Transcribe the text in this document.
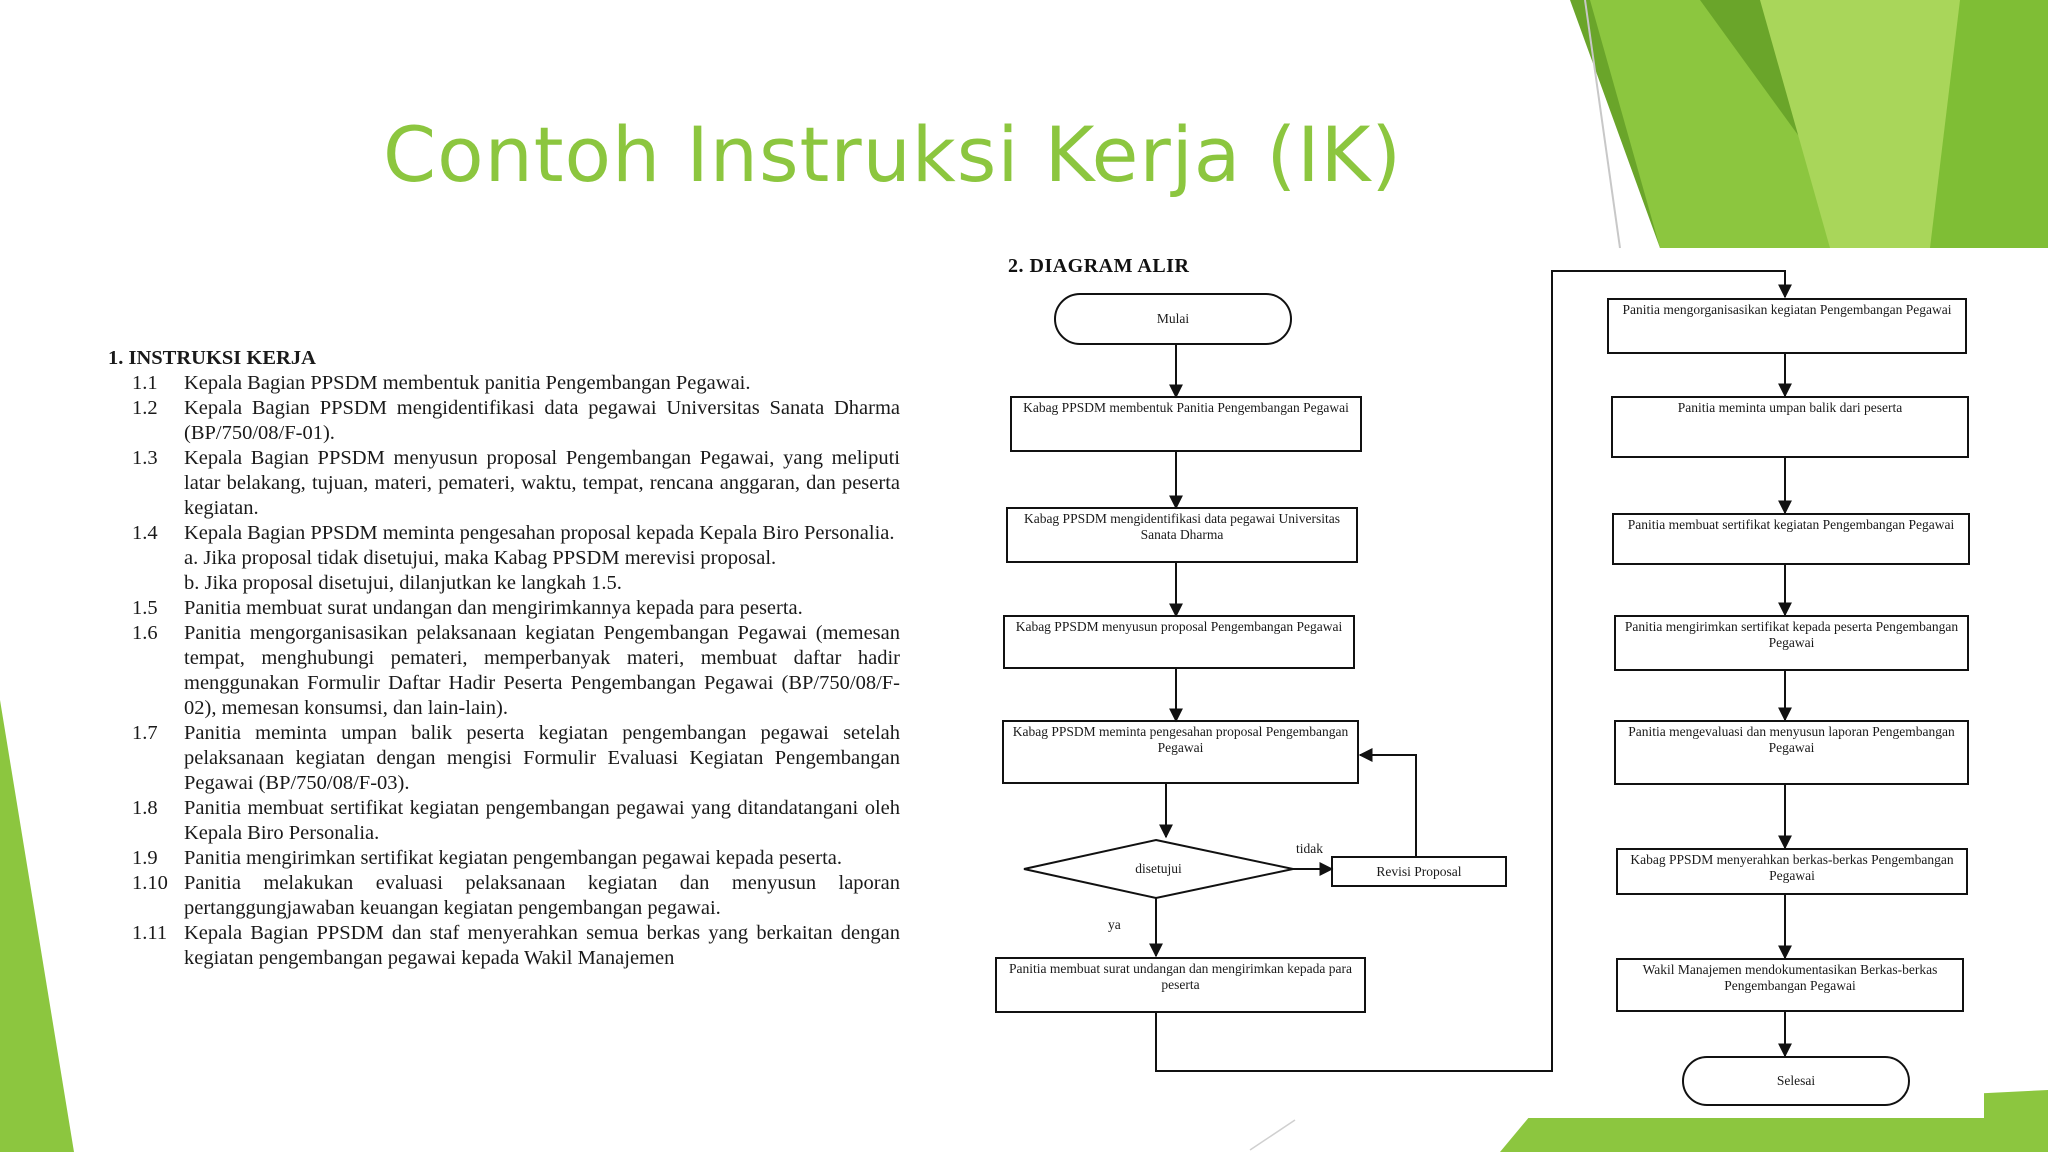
Contoh Instruksi Kerja (IK)
1. INSTRUKSI KERJA
1.1	Kepala Bagian PPSDM membentuk panitia Pengembangan Pegawai.
1.2	Kepala Bagian PPSDM mengidentifikasi data pegawai Universitas Sanata Dharma (BP/750/08/F-01).
1.3	Kepala Bagian PPSDM menyusun proposal Pengembangan Pegawai, yang meliputi latar belakang, tujuan, materi, pemateri, waktu, tempat, rencana anggaran, dan peserta kegiatan.
1.4	Kepala Bagian PPSDM meminta pengesahan proposal kepada Kepala Biro Personalia.
a. Jika proposal tidak disetujui, maka Kabag PPSDM merevisi proposal.
b. Jika proposal disetujui, dilanjutkan ke langkah 1.5.
1.5	Panitia membuat surat undangan dan mengirimkannya kepada para peserta.
1.6	Panitia mengorganisasikan pelaksanaan kegiatan Pengembangan Pegawai (memesan tempat, menghubungi pemateri, memperbanyak materi, membuat daftar hadir menggunakan Formulir Daftar Hadir Peserta Pengembangan Pegawai (BP/750/08/F-02), memesan konsumsi, dan lain-lain).
1.7	Panitia meminta umpan balik peserta kegiatan pengembangan pegawai setelah pelaksanaan kegiatan dengan mengisi Formulir Evaluasi Kegiatan Pengembangan Pegawai (BP/750/08/F-03).
1.8	Panitia membuat sertifikat kegiatan pengembangan pegawai yang ditandatangani oleh Kepala Biro Personalia.
1.9	Panitia mengirimkan sertifikat kegiatan pengembangan pegawai kepada peserta.
1.10 Panitia melakukan evaluasi pelaksanaan kegiatan dan menyusun laporan pertanggungjawaban keuangan kegiatan pengembangan pegawai.
1.11 Kepala Bagian PPSDM dan staf menyerahkan semua berkas yang berkaitan dengan kegiatan pengembangan pegawai kepada Wakil Manajemen
2. DIAGRAM ALIR
Mulai
Kabag PPSDM membentuk Panitia Pengembangan Pegawai
Kabag PPSDM mengidentifikasi data pegawai Universitas Sanata Dharma
Kabag PPSDM menyusun proposal Pengembangan Pegawai
Kabag PPSDM meminta pengesahan proposal Pengembangan Pegawai
disetujui
tidak
ya
Revisi Proposal
Panitia membuat surat undangan dan mengirimkan kepada para peserta
Panitia mengorganisasikan kegiatan Pengembangan Pegawai
Panitia meminta umpan balik dari peserta
Panitia membuat sertifikat kegiatan Pengembangan Pegawai
Panitia mengirimkan sertifikat kepada peserta Pengembangan Pegawai
Panitia mengevaluasi dan menyusun laporan Pengembangan Pegawai
Kabag PPSDM menyerahkan berkas-berkas Pengembangan Pegawai
Wakil Manajemen mendokumentasikan Berkas-berkas Pengembangan Pegawai
Selesai
